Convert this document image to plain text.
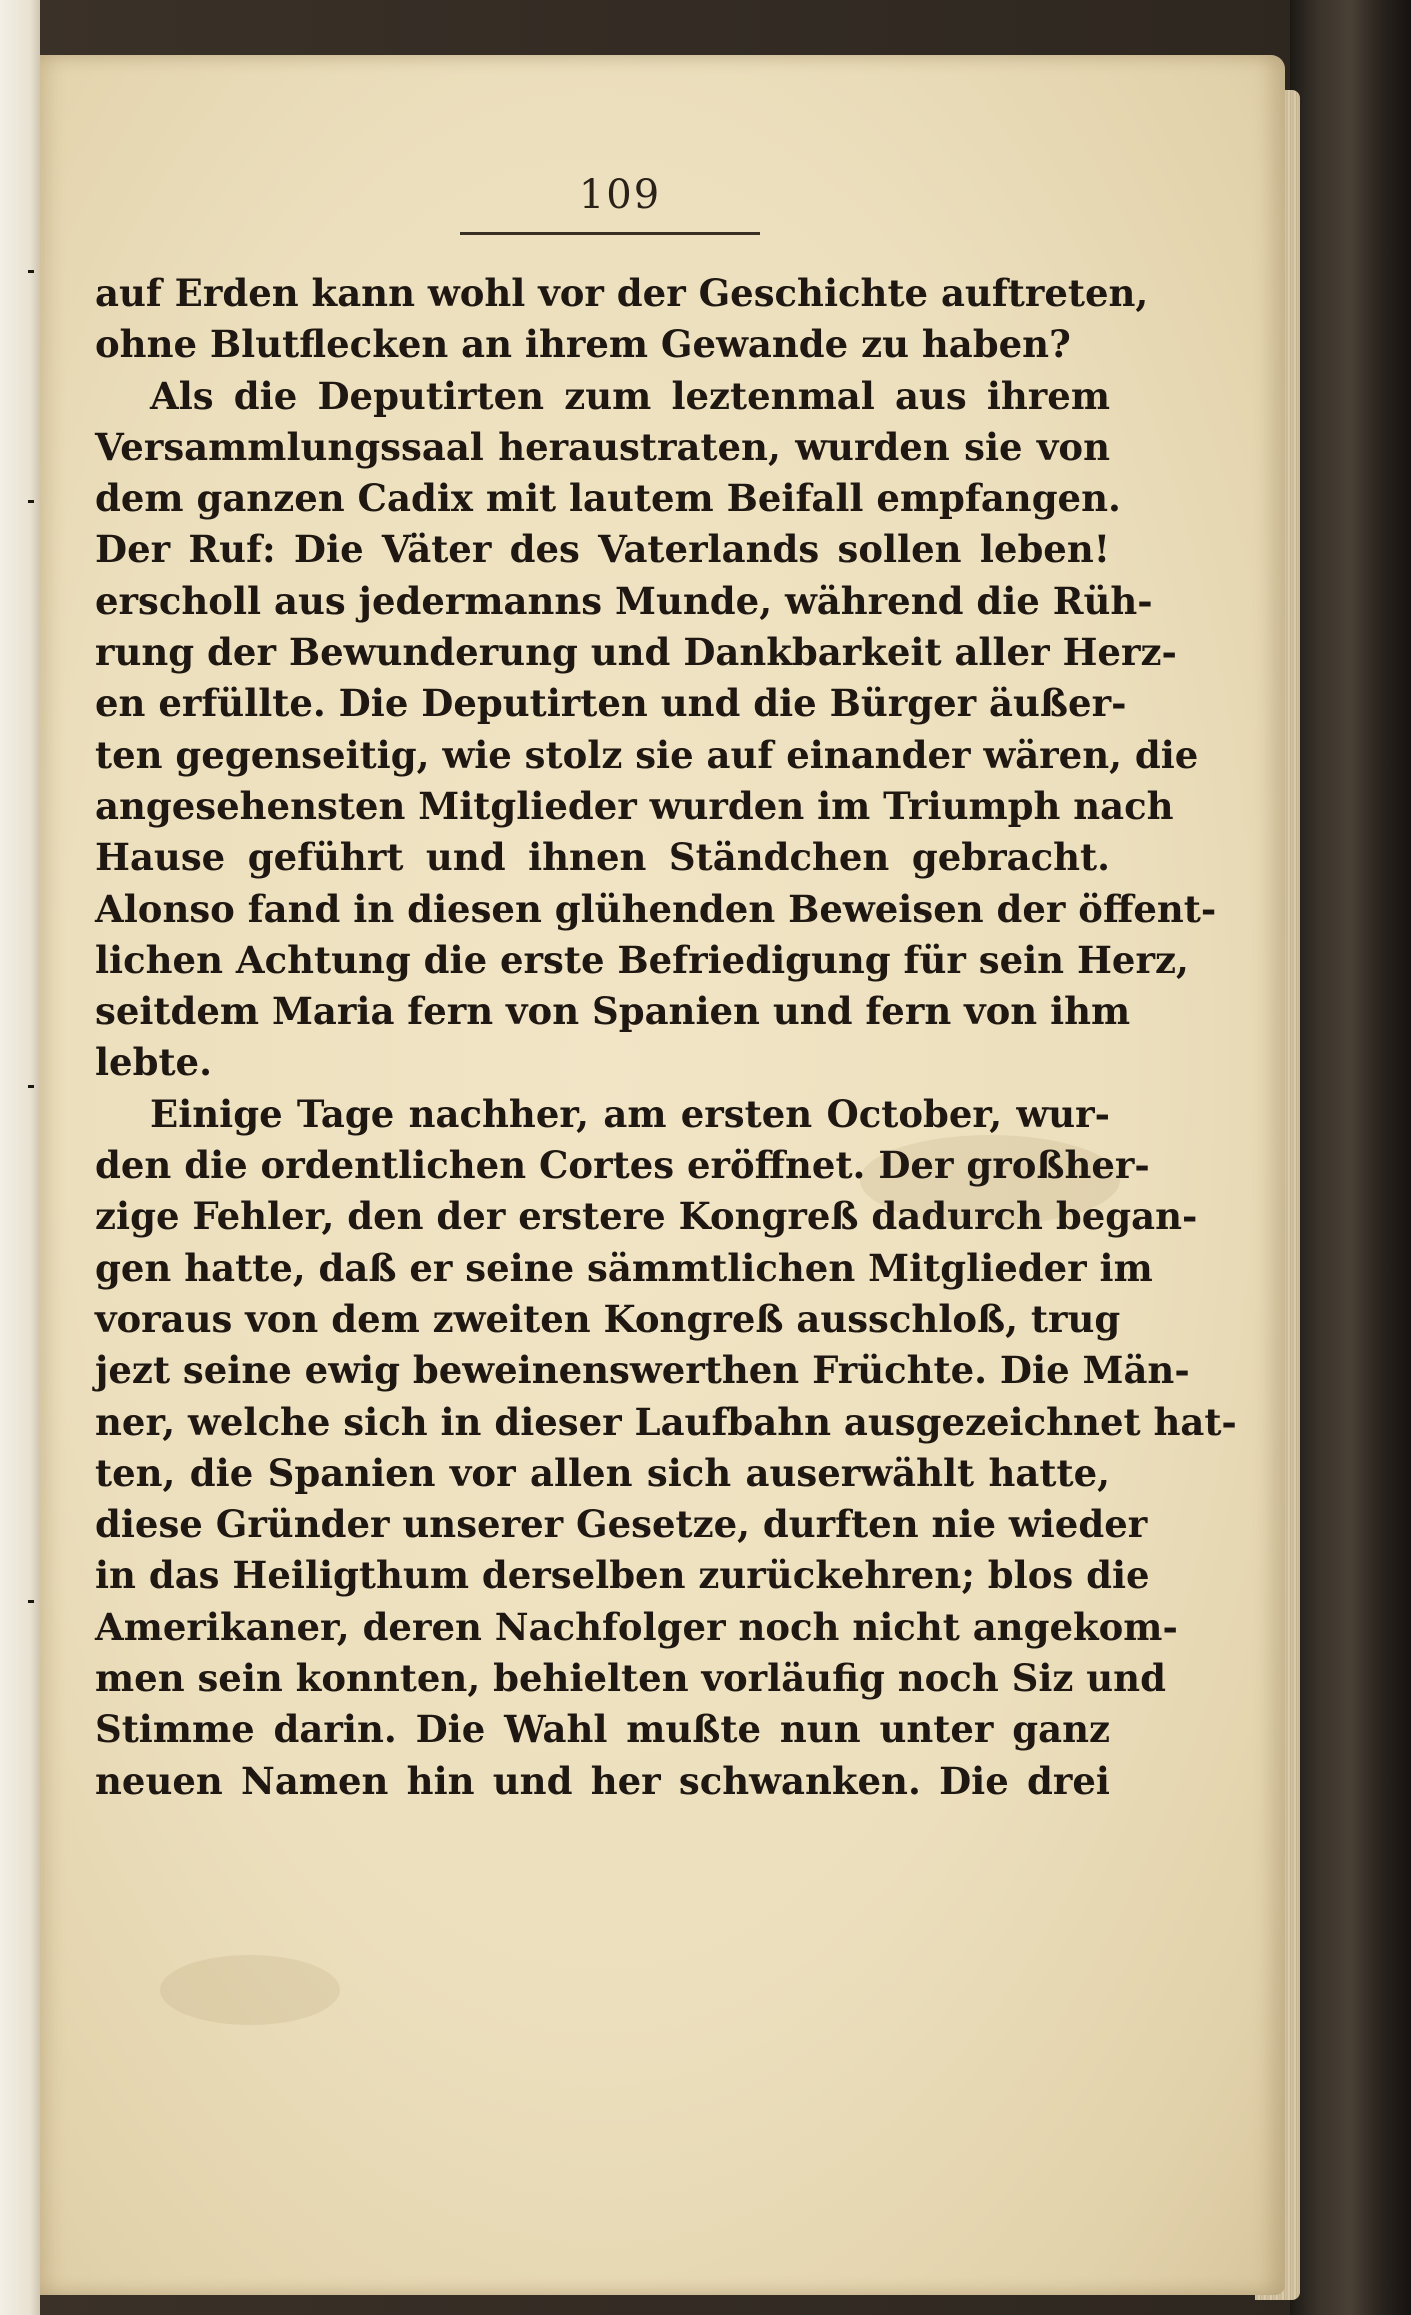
109
auf Erden kann wohl vor der Geschichte auftreten,
ohne Blutflecken an ihrem Gewande zu haben?
Als die Deputirten zum leztenmal aus ihrem
Versammlungssaal heraustraten, wurden sie von
dem ganzen Cadix mit lautem Beifall empfangen.
Der Ruf: Die Väter des Vaterlands sollen leben!
erscholl aus jedermanns Munde, während die Rüh-
rung der Bewunderung und Dankbarkeit aller Herz-
en erfüllte. Die Deputirten und die Bürger äußer-
ten gegenseitig, wie stolz sie auf einander wären, die
angesehensten Mitglieder wurden im Triumph nach
Hause geführt und ihnen Ständchen gebracht.
Alonso fand in diesen glühenden Beweisen der öffent-
lichen Achtung die erste Befriedigung für sein Herz,
seitdem Maria fern von Spanien und fern von ihm
lebte.
Einige Tage nachher, am ersten October, wur-
den die ordentlichen Cortes eröffnet. Der großher-
zige Fehler, den der erstere Kongreß dadurch began-
gen hatte, daß er seine sämmtlichen Mitglieder im
voraus von dem zweiten Kongreß ausschloß, trug
jezt seine ewig beweinenswerthen Früchte. Die Män-
ner, welche sich in dieser Laufbahn ausgezeichnet hat-
ten, die Spanien vor allen sich auserwählt hatte,
diese Gründer unserer Gesetze, durften nie wieder
in das Heiligthum derselben zurückehren; blos die
Amerikaner, deren Nachfolger noch nicht angekom-
men sein konnten, behielten vorläufig noch Siz und
Stimme darin. Die Wahl mußte nun unter ganz
neuen Namen hin und her schwanken. Die drei
